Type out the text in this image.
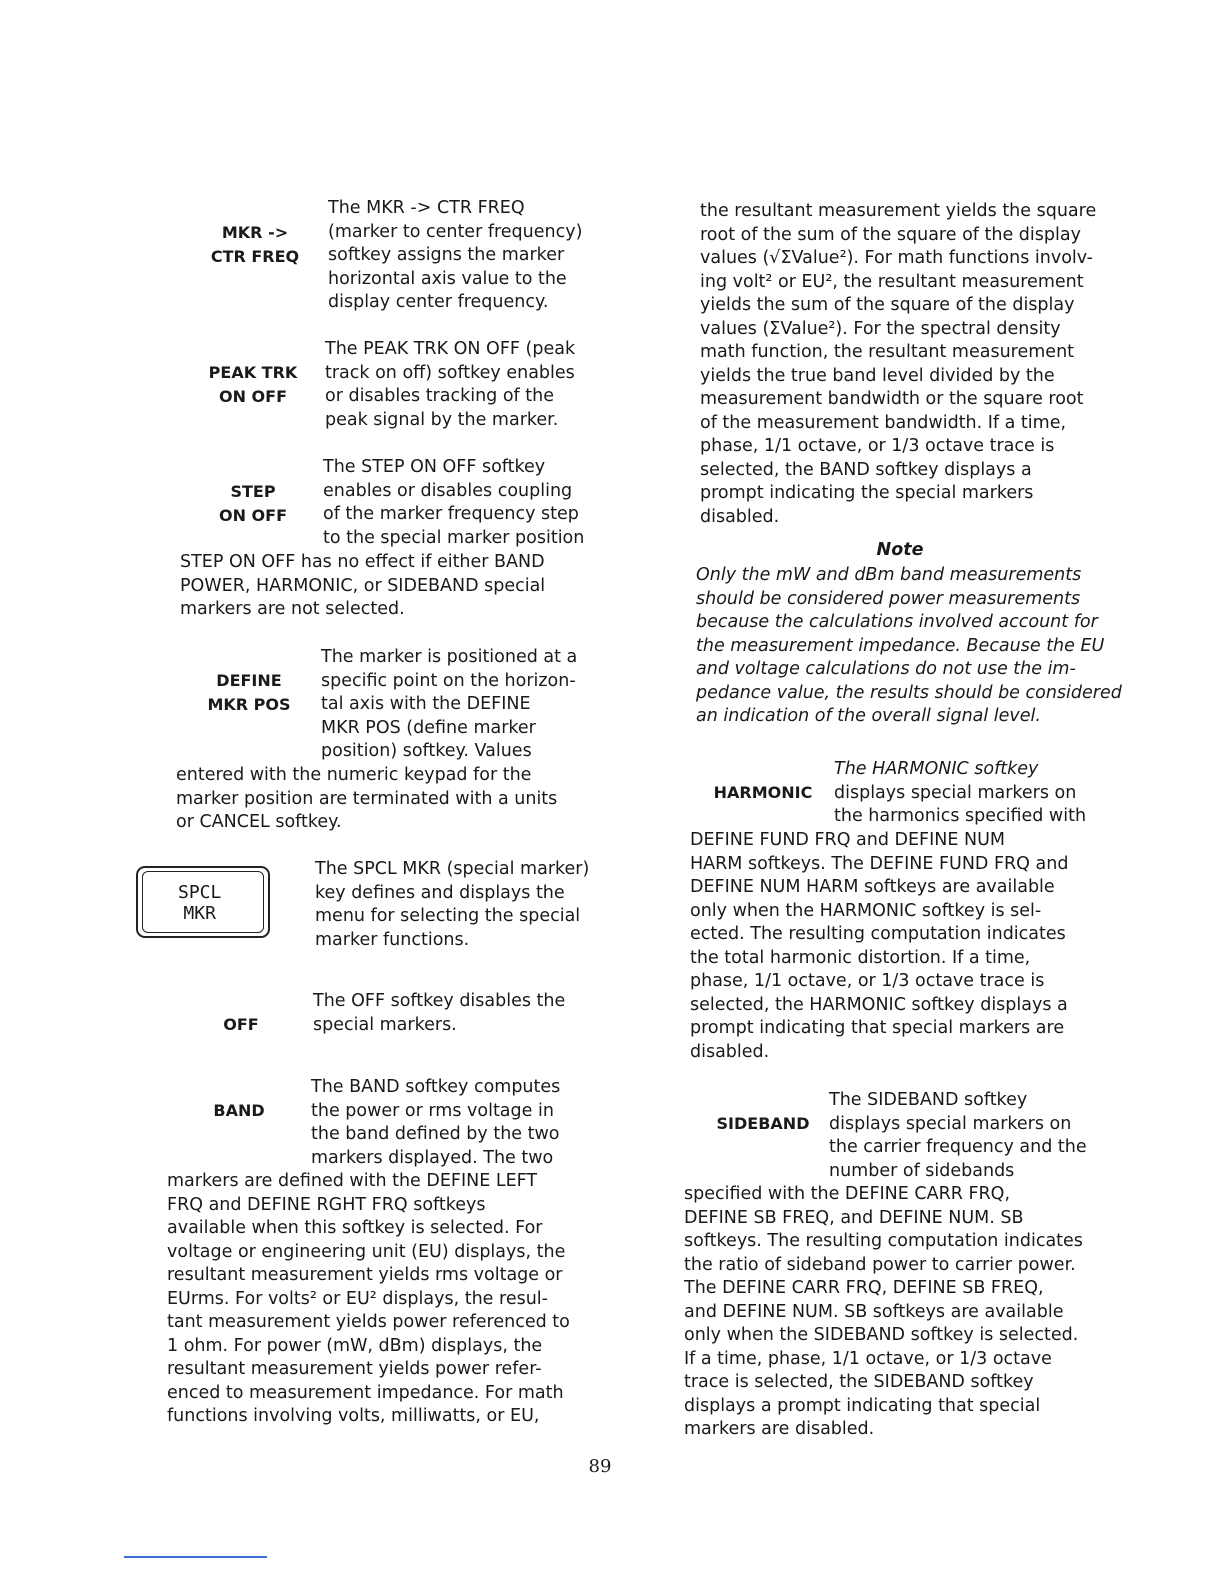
MKR ->
CTR FREQ
The MKR -> CTR FREQ
(marker to center frequency)
softkey assigns the marker
horizontal axis value to the
display center frequency.
PEAK TRK
ON OFF
The PEAK TRK ON OFF (peak
track on off) softkey enables
or disables tracking of the
peak signal by the marker.
STEP
ON OFF
The STEP ON OFF softkey
enables or disables coupling
of the marker frequency step
to the special marker position
STEP ON OFF has no effect if either BAND
POWER, HARMONIC, or SIDEBAND special
markers are not selected.
DEFINE
MKR POS
The marker is positioned at a
specific point on the horizon-
tal axis with the DEFINE
MKR POS (define marker
position) softkey. Values
entered with the numeric keypad for the
marker position are terminated with a units
or CANCEL softkey.
SPCL
MKR
The SPCL MKR (special marker)
key defines and displays the
menu for selecting the special
marker functions.
OFF
The OFF softkey disables the
special markers.
BAND
The BAND softkey computes
the power or rms voltage in
the band defined by the two
markers displayed. The two
markers are defined with the DEFINE LEFT
FRQ and DEFINE RGHT FRQ softkeys
available when this softkey is selected. For
voltage or engineering unit (EU) displays, the
resultant measurement yields rms voltage or
EUrms. For volts² or EU² displays, the resul-
tant measurement yields power referenced to
1 ohm. For power (mW, dBm) displays, the
resultant measurement yields power refer-
enced to measurement impedance. For math
functions involving volts, milliwatts, or EU,
the resultant measurement yields the square
root of the sum of the square of the display
values (√ΣValue²). For math functions involv-
ing volt² or EU², the resultant measurement
yields the sum of the square of the display
values (ΣValue²). For the spectral density
math function, the resultant measurement
yields the true band level divided by the
measurement bandwidth or the square root
of the measurement bandwidth. If a time,
phase, 1/1 octave, or 1/3 octave trace is
selected, the BAND softkey displays a
prompt indicating the special markers
disabled.
Note
Only the mW and dBm band measurements
should be considered power measurements
because the calculations involved account for
the measurement impedance. Because the EU
and voltage calculations do not use the im-
pedance value, the results should be considered
an indication of the overall signal level.
HARMONIC
The HARMONIC softkey
displays special markers on
the harmonics specified with
DEFINE FUND FRQ and DEFINE NUM
HARM softkeys. The DEFINE FUND FRQ and
DEFINE NUM HARM softkeys are available
only when the HARMONIC softkey is sel-
ected. The resulting computation indicates
the total harmonic distortion. If a time,
phase, 1/1 octave, or 1/3 octave trace is
selected, the HARMONIC softkey displays a
prompt indicating that special markers are
disabled.
SIDEBAND
The SIDEBAND softkey
displays special markers on
the carrier frequency and the
number of sidebands
specified with the DEFINE CARR FRQ,
DEFINE SB FREQ, and DEFINE NUM. SB
softkeys. The resulting computation indicates
the ratio of sideband power to carrier power.
The DEFINE CARR FRQ, DEFINE SB FREQ,
and DEFINE NUM. SB softkeys are available
only when the SIDEBAND softkey is selected.
If a time, phase, 1/1 octave, or 1/3 octave
trace is selected, the SIDEBAND softkey
displays a prompt indicating that special
markers are disabled.
89
